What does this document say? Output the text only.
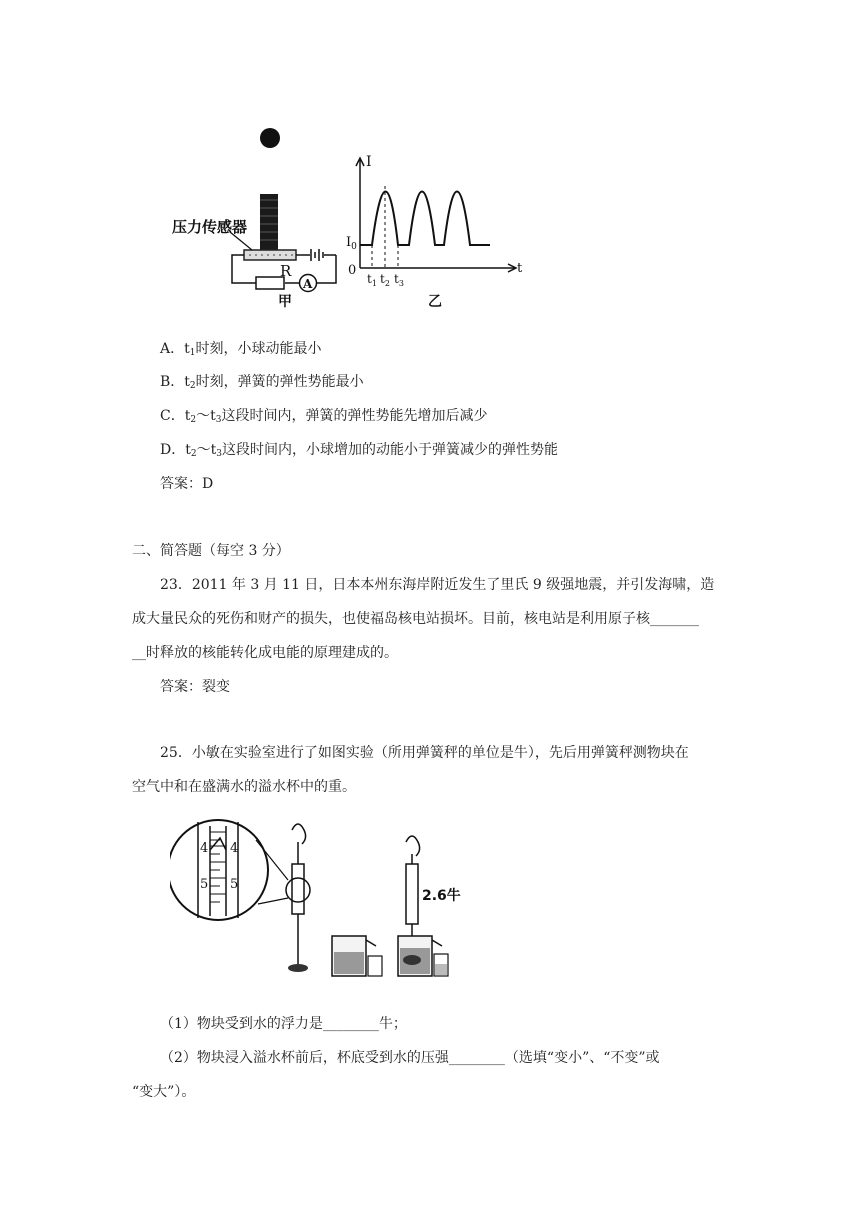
压力传感器
R
A
甲
I
t
0
$I_0$
$t_1$ $t_2$ $t_3$
乙
A．$t_1$时刻，小球动能最小
B．$t_2$时刻，弹簧的弹性势能最小
C．$t_2\sim t_3$这段时间内，弹簧的弹性势能先增加后减少
D．$t_2\sim t_3$这段时间内，小球增加的动能小于弹簧减少的弹性势能
答案：D
二、简答题（每空 3 分）
23．2011 年 3 月 11 日，日本本州东海岸附近发生了里氏 9 级强地震，并引发海啸，造
成大量民众的死伤和财产的损失，也使福岛核电站损坏。目前，核电站是利用原子核_______
__时释放的核能转化成电能的原理建成的。
答案：裂变
25．小敏在实验室进行了如图实验（所用弹簧秤的单位是牛），先后用弹簧秤测物块在
空气中和在盛满水的溢水杯中的重。
4 4
5 5
2.6牛
（1）物块受到水的浮力是________牛；
（2）物块浸入溢水杯前后，杯底受到水的压强________（选填“变小”、“不变”或
“变大”）。
